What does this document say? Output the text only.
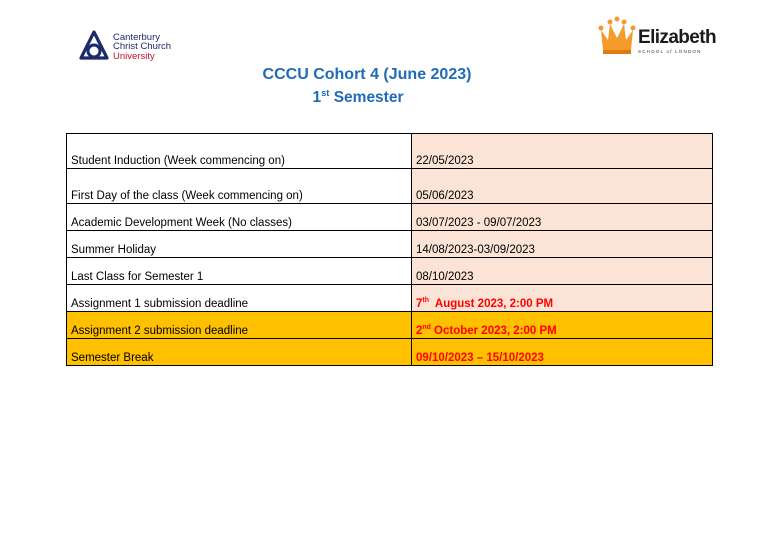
Canterbury
Christ Church
University
Elizabeth
SCHOOL of LONDON
CCCU Cohort 4 (June 2023)
1st Semester
Student Induction (Week commencing on)	22/05/2023
First Day of the class (Week commencing on)	05/06/2023
Academic Development Week (No classes)	03/07/2023 - 09/07/2023
Summer Holiday	14/08/2023-03/09/2023
Last Class for Semester 1	08/10/2023
Assignment 1 submission deadline	7th  August 2023, 2:00 PM
Assignment 2 submission deadline	2nd October 2023, 2:00 PM
Semester Break	09/10/2023 – 15/10/2023
